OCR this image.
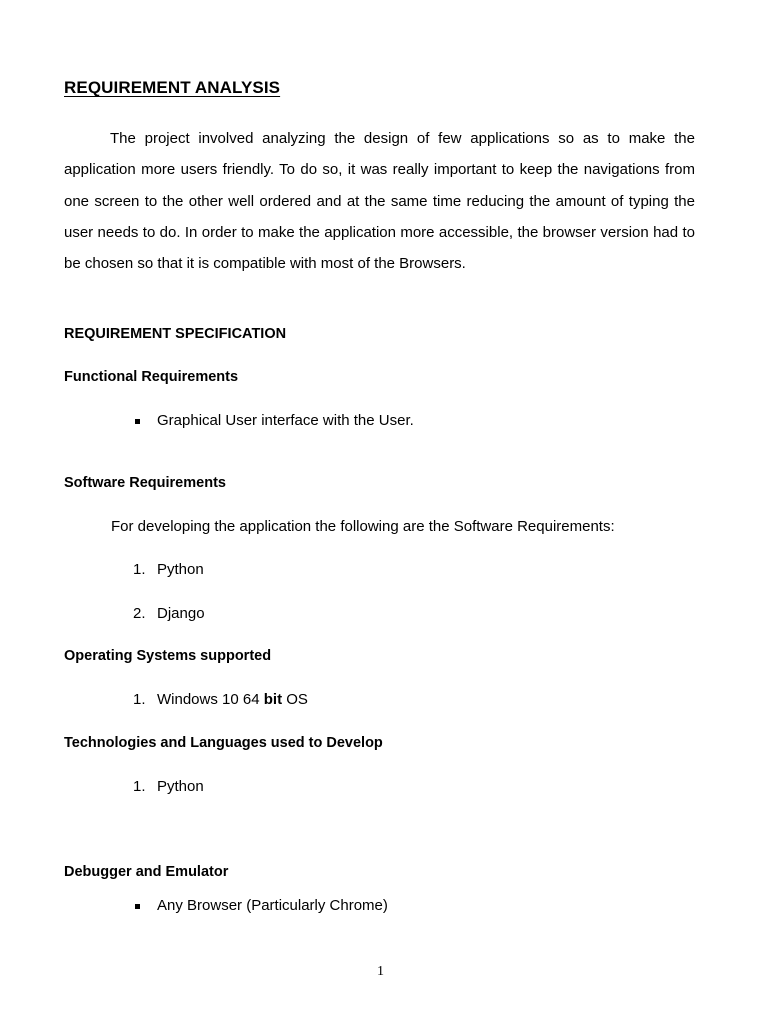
REQUIREMENT ANALYSIS

The project involved analyzing the design of few applications so as to make the application more users friendly. To do so, it was really important to keep the navigations from one screen to the other well ordered and at the same time reducing the amount of typing the user needs to do. In order to make the application more accessible, the browser version had to be chosen so that it is compatible with most of the Browsers.

REQUIREMENT SPECIFICATION
Functional Requirements
Graphical User interface with the User.
Software Requirements
For developing the application the following are the Software Requirements:
1. Python
2. Django
Operating Systems supported
1. Windows 10 64 bit OS
Technologies and Languages used to Develop
1. Python
Debugger and Emulator
Any Browser (Particularly Chrome)
1
